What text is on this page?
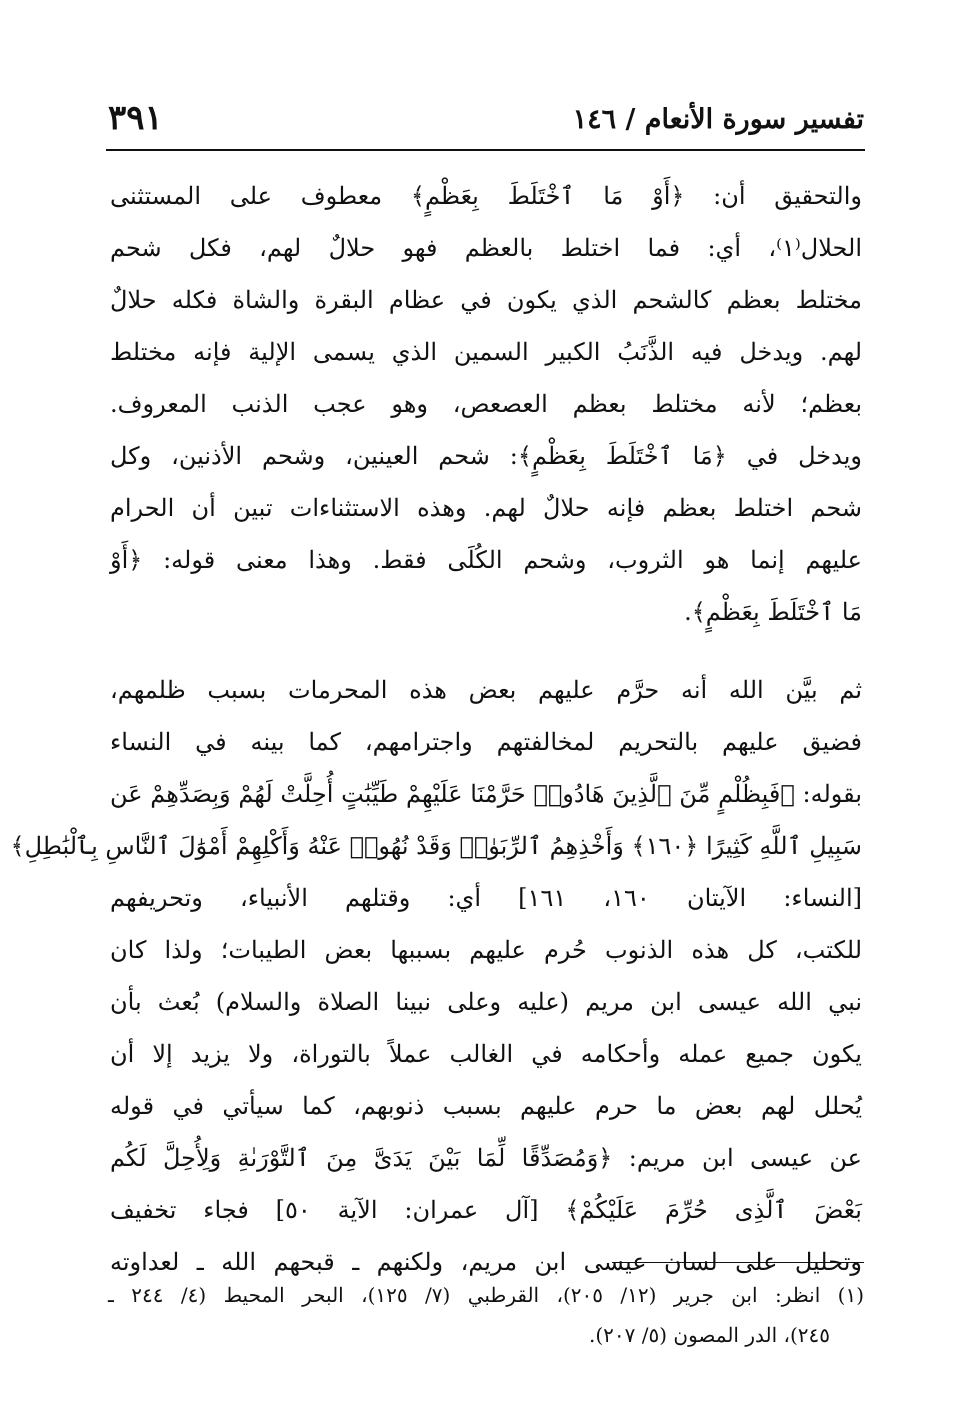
تفسير سورة الأنعام / ١٤٦
٣٩١
والتحقيق أن: ﴿أَوْ مَا ٱخْتَلَطَ بِعَظْمٍ﴾ معطوف على المستثنى
الحلال⁽١⁾، أي: فما اختلط بالعظم فهو حلالٌ لهم، فكل شحم
مختلط بعظم كالشحم الذي يكون في عظام البقرة والشاة فكله حلالٌ
لهم. ويدخل فيه الذَّنَبُ الكبير السمين الذي يسمى الإلية فإنه مختلط
بعظم؛ لأنه مختلط بعظم العصعص، وهو عجب الذنب المعروف.
ويدخل في ﴿مَا ٱخْتَلَطَ بِعَظْمٍ﴾: شحم العينين، وشحم الأذنين، وكل
شحم اختلط بعظم فإنه حلالٌ لهم. وهذه الاستثناءات تبين أن الحرام
عليهم إنما هو الثروب، وشحم الكُلَى فقط. وهذا معنى قوله: ﴿أَوْ
مَا ٱخْتَلَطَ بِعَظْمٍ﴾.
ثم بيَّن الله أنه حرَّم عليهم بعض هذه المحرمات بسبب ظلمهم،
فضيق عليهم بالتحريم لمخالفتهم واجترامهم، كما بينه في النساء
بقوله: ﴿فَبِظُلْمٍ مِّنَ ٱلَّذِينَ هَادُوا۟ حَرَّمْنَا عَلَيْهِمْ طَيِّبَٰتٍ أُحِلَّتْ لَهُمْ وَبِصَدِّهِمْ عَن
سَبِيلِ ٱللَّهِ كَثِيرًا ﴿١٦٠﴾ وَأَخْذِهِمُ ٱلرِّبَوٰا۟ وَقَدْ نُهُوا۟ عَنْهُ وَأَكْلِهِمْ أَمْوَٰلَ ٱلنَّاسِ بِٱلْبَٰطِلِ﴾
[النساء: الآيتان ١٦٠، ١٦١] أي: وقتلهم الأنبياء، وتحريفهم
للكتب، كل هذه الذنوب حُرم عليهم بسببها بعض الطيبات؛ ولذا كان
نبي الله عيسى ابن مريم (عليه وعلى نبينا الصلاة والسلام) بُعث بأن
يكون جميع عمله وأحكامه في الغالب عملاً بالتوراة، ولا يزيد إلا أن
يُحلل لهم بعض ما حرم عليهم بسبب ذنوبهم، كما سيأتي في قوله
عن عيسى ابن مريم: ﴿وَمُصَدِّقًا لِّمَا بَيْنَ يَدَىَّ مِنَ ٱلتَّوْرَىٰةِ وَلِأُحِلَّ لَكُم
بَعْضَ ٱلَّذِى حُرِّمَ عَلَيْكُمْ﴾ [آل عمران: الآية ٥٠] فجاء تخفيف
وتحليل على لسان عيسى ابن مريم، ولكنهم ـ قبحهم الله ـ لعداوته
(١) انظر: ابن جرير (١٢/ ٢٠٥)، القرطبي (٧/ ١٢٥)، البحر المحيط (٤/ ٢٤٤ ـ
٢٤٥)، الدر المصون (٥/ ٢٠٧).
